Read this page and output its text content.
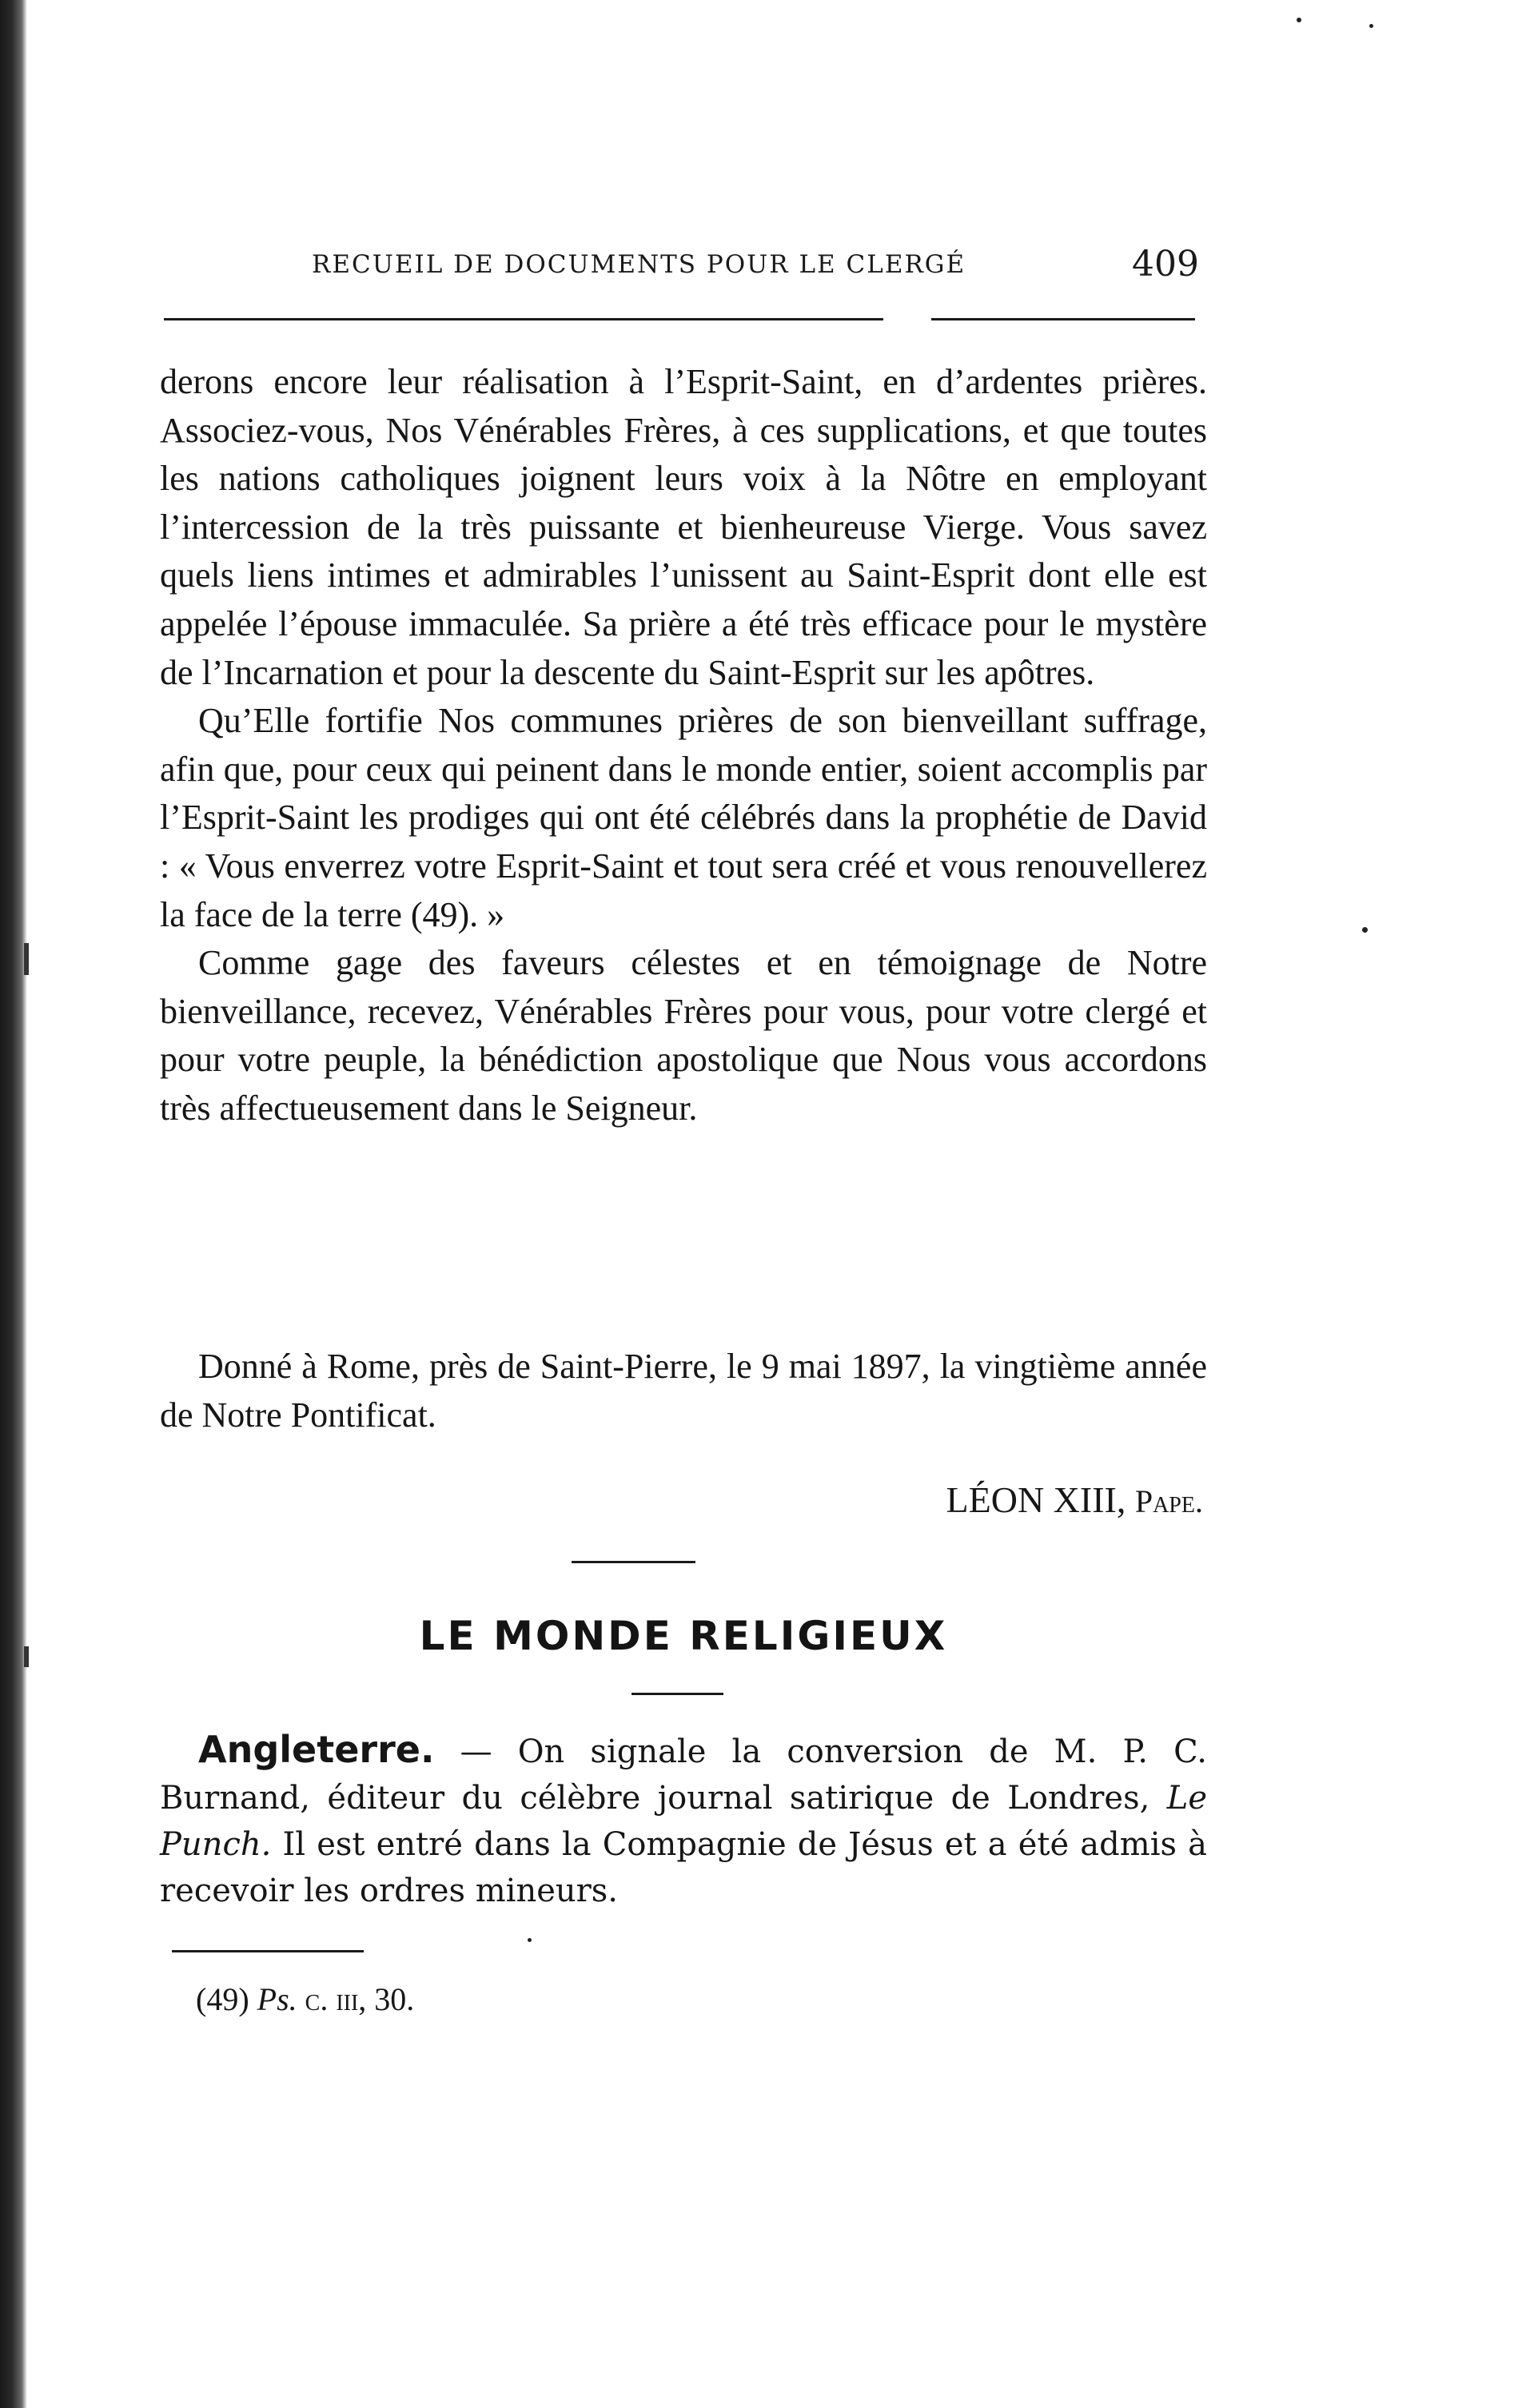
RECUEIL DE DOCUMENTS POUR LE CLERGÉ	409

derons encore leur réalisation à l’Esprit-Saint, en d’ardentes prières. Associez-vous, Nos Vénérables Frères, à ces supplications, et que toutes les nations catholiques joignent leurs voix à la Nôtre en employant l’intercession de la très puissante et bienheureuse Vierge. Vous savez quels liens intimes et admirables l’unissent au Saint-Esprit dont elle est appelée l’épouse immaculée. Sa prière a été très efficace pour le mystère de l’Incarnation et pour la descente du Saint-Esprit sur les apôtres.

Qu’Elle fortifie Nos communes prières de son bienveillant suffrage, afin que, pour ceux qui peinent dans le monde entier, soient accomplis par l’Esprit-Saint les prodiges qui ont été célébrés dans la prophétie de David : « Vous enverrez votre Esprit-Saint et tout sera créé et vous renouvellerez la face de la terre (49). »

Comme gage des faveurs célestes et en témoignage de Notre bienveillance, recevez, Vénérables Frères pour vous, pour votre clergé et pour votre peuple, la bénédiction apostolique que Nous vous accordons très affectueusement dans le Seigneur.

Donné à Rome, près de Saint-Pierre, le 9 mai 1897, la vingtième année de Notre Pontificat.

LÉON XIII, Pape.
LE MONDE RELIGIEUX

Angleterre. — On signale la conversion de M. P. C. Burnand, éditeur du célèbre journal satirique de Londres, Le Punch. Il est entré dans la Compagnie de Jésus et a été admis à recevoir les ordres mineurs.

(49) Ps. c. iii, 30.
